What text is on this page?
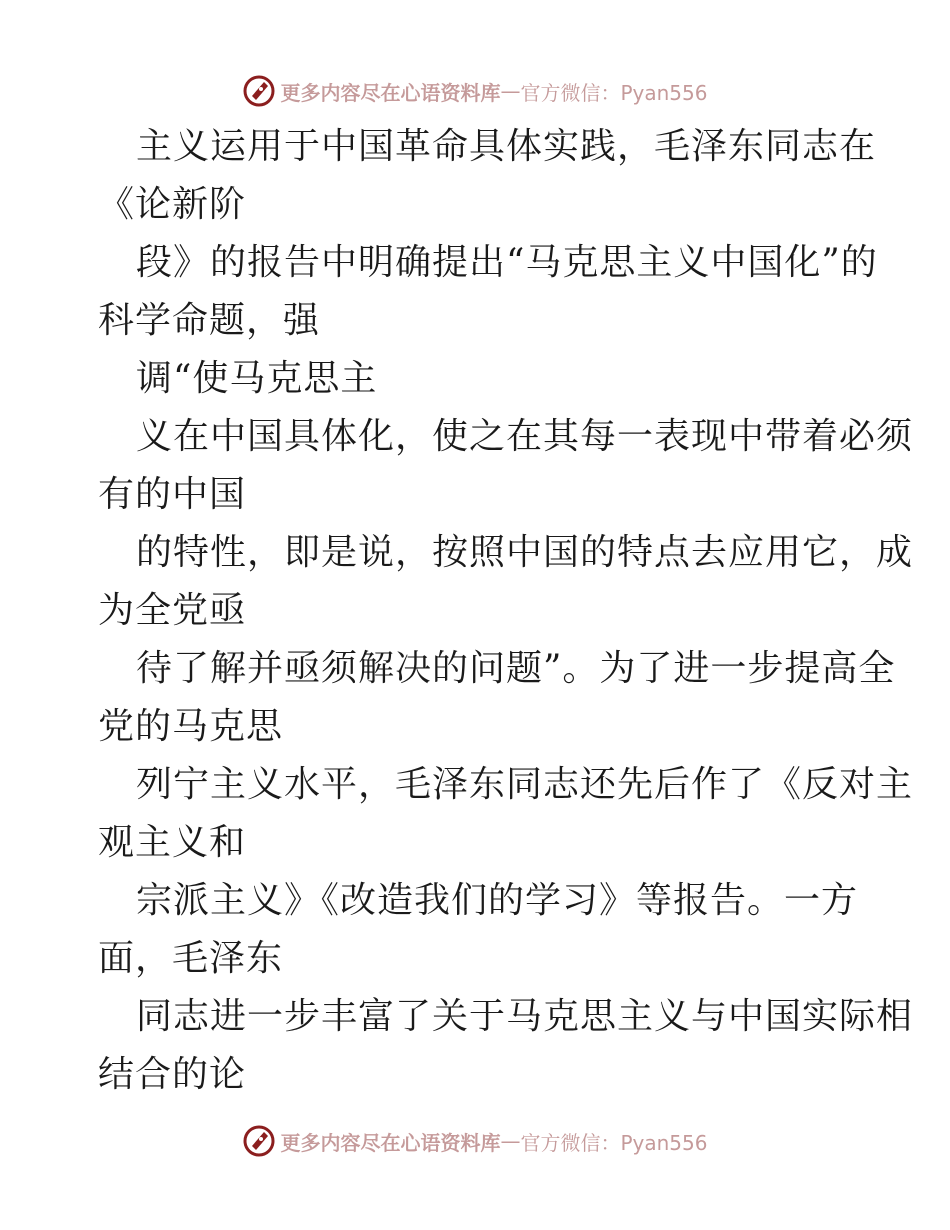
更多内容尽在心语资料库 — 官方微信：Pyan556
主义运用于中国革命具体实践，毛泽东同志在
《论新阶
段》的报告中明确提出“马克思主义中国化”的
科学命题，强
调“使马克思主
义在中国具体化，使之在其每一表现中带着必须
有的中国
的特性，即是说，按照中国的特点去应用它，成
为全党亟
待了解并亟须解决的问题”。为了进一步提高全
党的马克思
列宁主义水平，毛泽东同志还先后作了《反对主
观主义和
宗派主义》《改造我们的学习》等报告。一方
面，毛泽东
同志进一步丰富了关于马克思主义与中国实际相
结合的论
更多内容尽在心语资料库 — 官方微信：Pyan556
